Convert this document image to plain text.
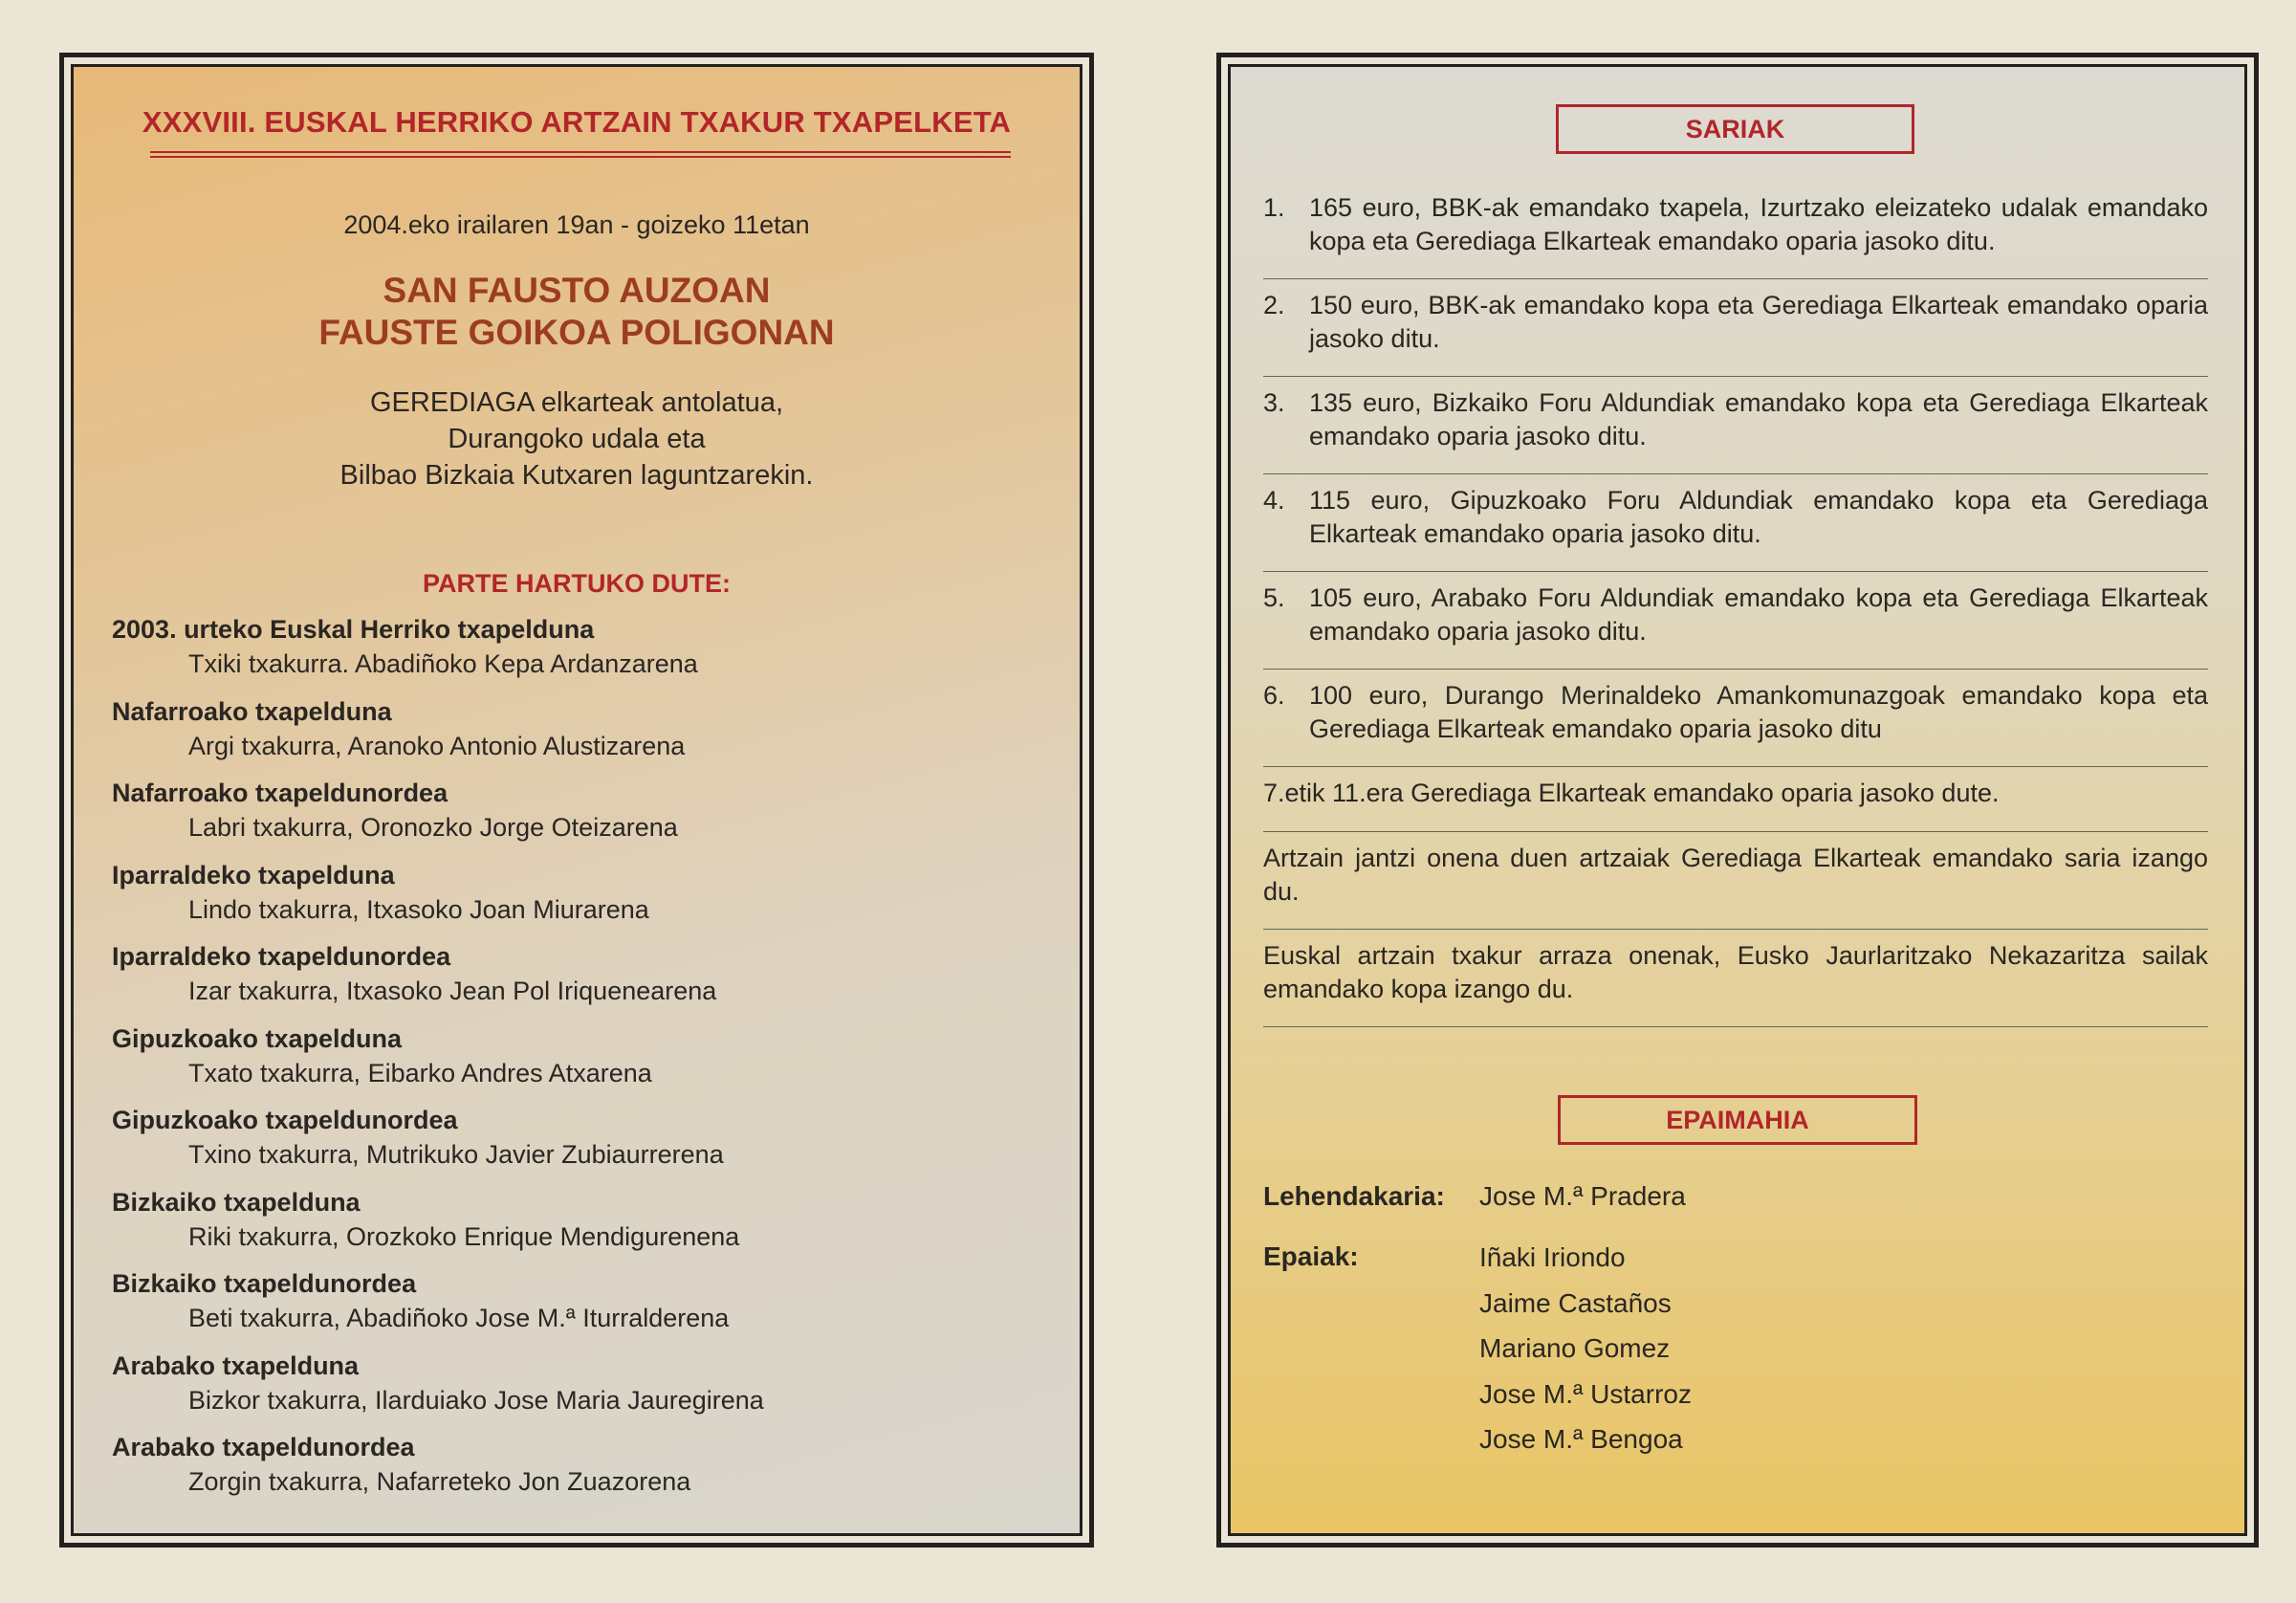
XXXVIII. EUSKAL HERRIKO ARTZAIN TXAKUR TXAPELKETA
2004.eko irailaren 19an - goizeko 11etan
SAN FAUSTO AUZOAN
FAUSTE GOIKOA POLIGONAN
GEREDIAGA elkarteak antolatua,
Durangoko udala eta
Bilbao Bizkaia Kutxaren laguntzarekin.
PARTE HARTUKO DUTE:
2003. urteko Euskal Herriko txapelduna
Txiki txakurra. Abadiñoko Kepa Ardanzarena
Nafarroako txapelduna
Argi txakurra, Aranoko Antonio Alustizarena
Nafarroako txapeldunordea
Labri txakurra, Oronozko Jorge Oteizarena
Iparraldeko txapelduna
Lindo txakurra, Itxasoko Joan Miurarena
Iparraldeko txapeldunordea
Izar txakurra, Itxasoko Jean Pol Iriquenearena
Gipuzkoako txapelduna
Txato txakurra, Eibarko Andres Atxarena
Gipuzkoako txapeldunordea
Txino txakurra, Mutrikuko Javier Zubiaurrerena
Bizkaiko txapelduna
Riki txakurra, Orozkoko Enrique Mendigurenena
Bizkaiko txapeldunordea
Beti txakurra, Abadiñoko Jose M.ª Iturralderena
Arabako txapelduna
Bizkor txakurra, Ilarduiako Jose Maria Jauregirena
Arabako txapeldunordea
Zorgin txakurra, Nafarreteko Jon Zuazorena
SARIAK
1. 165 euro, BBK-ak emandako txapela, Izurtzako eleizateko udalak emandako kopa eta Gerediaga Elkarteak emandako oparia jasoko ditu.
2. 150 euro, BBK-ak emandako kopa eta Gerediaga Elkarteak emandako oparia jasoko ditu.
3. 135 euro, Bizkaiko Foru Aldundiak emandako kopa eta Gerediaga Elkarteak emandako oparia jasoko ditu.
4. 115 euro, Gipuzkoako Foru Aldundiak emandako kopa eta Gerediaga Elkarteak emandako oparia jasoko ditu.
5. 105 euro, Arabako Foru Aldundiak emandako kopa eta Gerediaga Elkarteak emandako oparia jasoko ditu.
6. 100 euro, Durango Merinaldeko Amankomunazgoak emandako kopa eta Gerediaga Elkarteak emandako oparia jasoko ditu
7.etik 11.era Gerediaga Elkarteak emandako oparia jasoko dute.
Artzain jantzi onena duen artzaiak Gerediaga Elkarteak emandako saria izango du.
Euskal artzain txakur arraza onenak, Eusko Jaurlaritzako Nekazaritza sailak emandako kopa izango du.
EPAIMAHIA
Lehendakaria: Jose M.ª Pradera
Epaiak:	Iñaki Iriondo
Jaime Castaños
Mariano Gomez
Jose M.ª Ustarroz
Jose M.ª Bengoa
